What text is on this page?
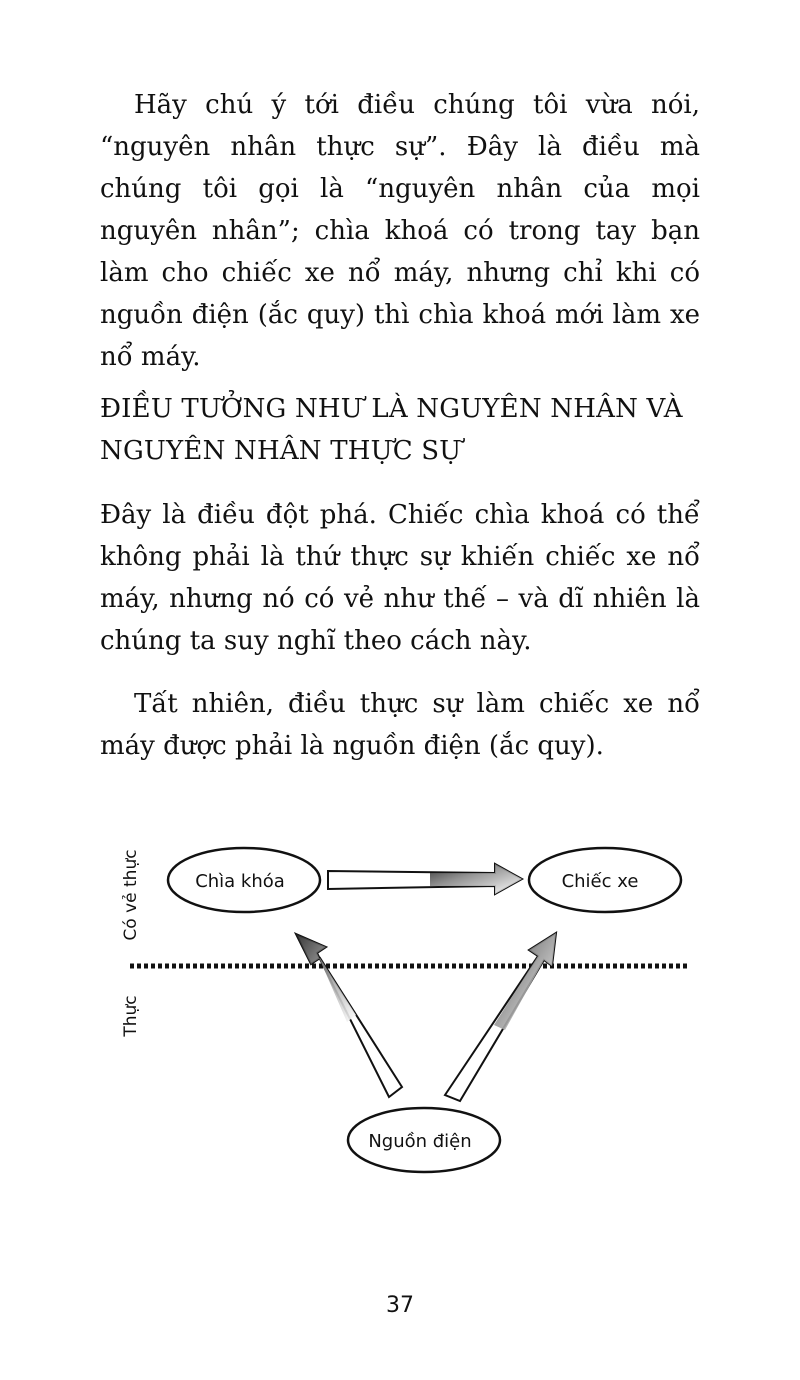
Hãy chú ý tới điều chúng tôi vừa nói, “nguyên nhân thực sự”. Đây là điều mà chúng tôi gọi là “nguyên nhân của mọi nguyên nhân”; chìa khoá có trong tay bạn làm cho chiếc xe nổ máy, nhưng chỉ khi có nguồn điện (ắc quy) thì chìa khoá mới làm xe nổ máy.

ĐIỀU TƯỞNG NHƯ LÀ NGUYÊN NHÂN VÀ NGUYÊN NHÂN THỰC SỰ

Đây là điều đột phá. Chiếc chìa khoá có thể không phải là thứ thực sự khiến chiếc xe nổ máy, nhưng nó có vẻ như thế – và dĩ nhiên là chúng ta suy nghĩ theo cách này.

Tất nhiên, điều thực sự làm chiếc xe nổ máy được phải là nguồn điện (ắc quy).

Có vẻ thực
Thực
Chìa khóa	Chiếc xe
Nguồn điện
37
